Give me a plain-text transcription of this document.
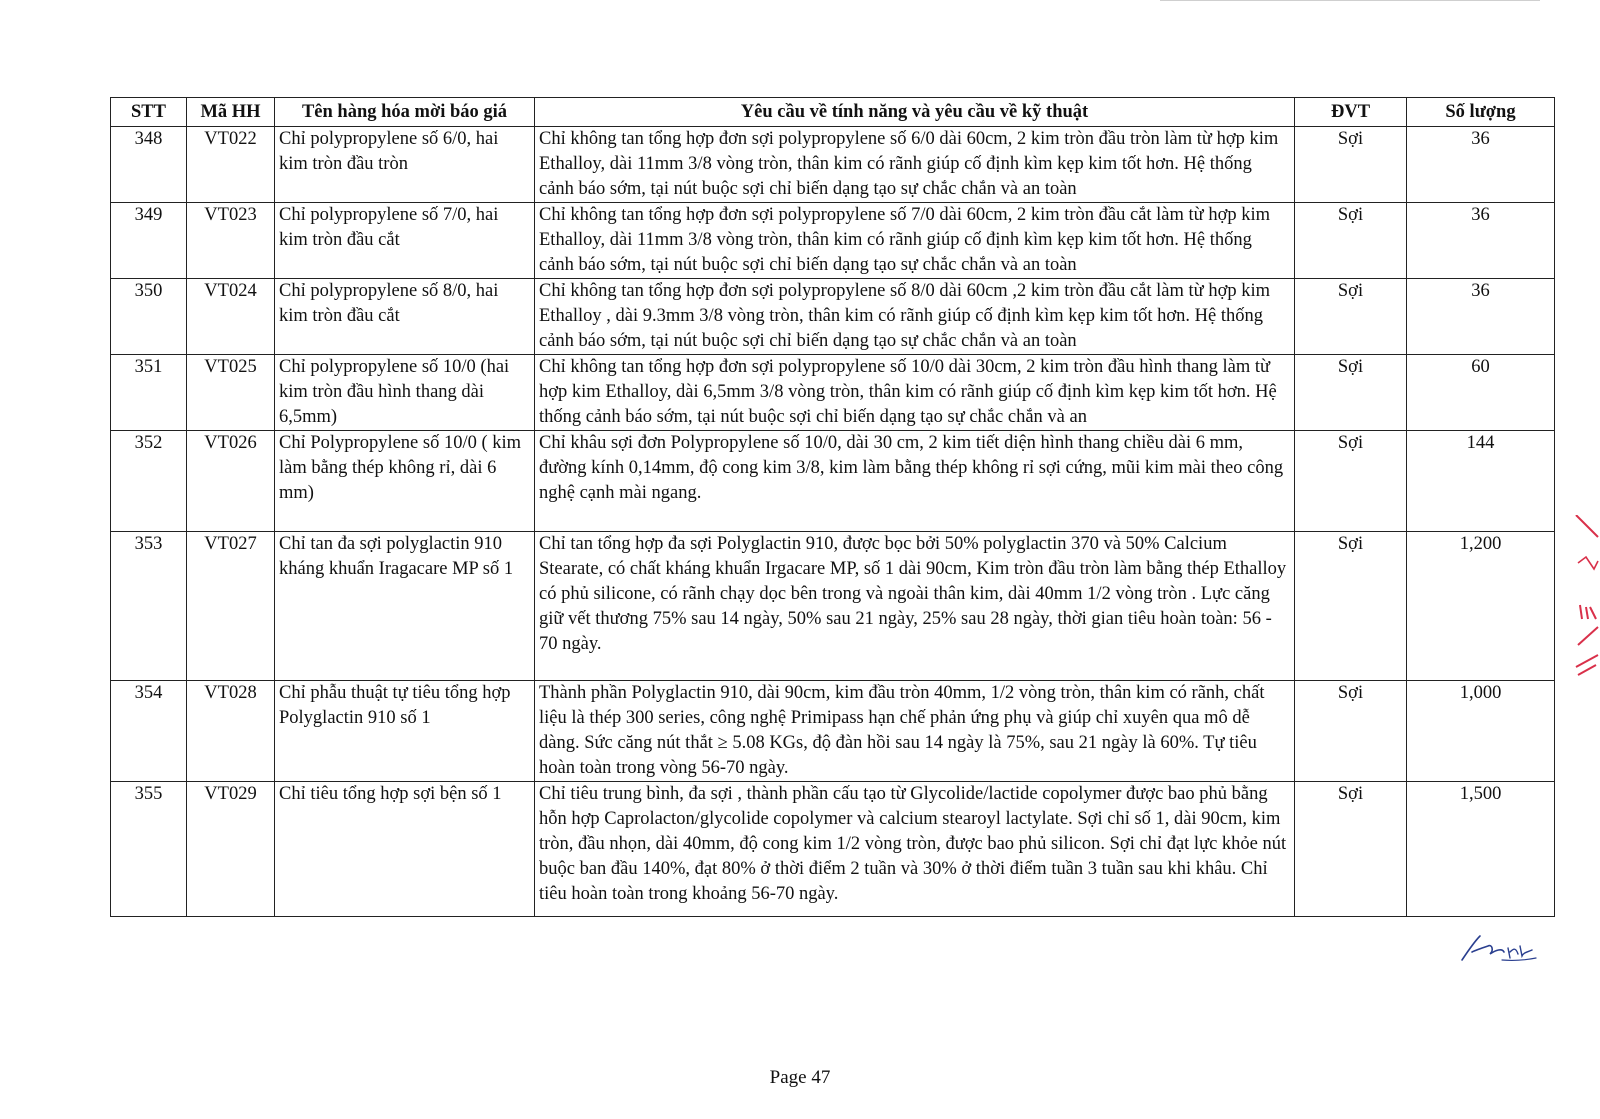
STT	Mã HH	Tên hàng hóa mời báo giá	Yêu cầu về tính năng và yêu cầu về kỹ thuật	ĐVT	Số lượng
348	VT022	Chỉ polypropylene số 6/0, hai kim tròn đầu tròn	Chỉ không tan tổng hợp đơn sợi polypropylene số 6/0 dài 60cm, 2 kim tròn đầu tròn làm từ hợp kim Ethalloy, dài 11mm 3/8 vòng tròn, thân kim có rãnh giúp cố định kìm kẹp kim tốt hơn. Hệ thống cảnh báo sớm, tại nút buộc sợi chỉ biến dạng tạo sự chắc chắn và an toàn	Sợi	36
349	VT023	Chỉ polypropylene số 7/0, hai kim tròn đầu cắt	Chỉ không tan tổng hợp đơn sợi polypropylene số 7/0 dài 60cm, 2 kim tròn đầu cắt làm từ hợp kim Ethalloy, dài 11mm 3/8 vòng tròn, thân kim có rãnh giúp cố định kìm kẹp kim tốt hơn. Hệ thống cảnh báo sớm, tại nút buộc sợi chỉ biến dạng tạo sự chắc chắn và an toàn	Sợi	36
350	VT024	Chỉ polypropylene số 8/0, hai kim tròn đầu cắt	Chỉ không tan tổng hợp đơn sợi polypropylene số 8/0 dài 60cm ,2 kim tròn đầu cắt làm từ hợp kim Ethalloy , dài 9.3mm 3/8 vòng tròn, thân kim có rãnh giúp cố định kìm kẹp kim tốt hơn. Hệ thống cảnh báo sớm, tại nút buộc sợi chỉ biến dạng tạo sự chắc chắn và an toàn	Sợi	36
351	VT025	Chỉ polypropylene số 10/0 (hai kim tròn đầu hình thang dài 6,5mm)	Chỉ không tan tổng hợp đơn sợi polypropylene số 10/0 dài 30cm, 2 kim tròn đầu hình thang làm từ hợp kim Ethalloy, dài 6,5mm 3/8 vòng tròn, thân kim có rãnh giúp cố định kìm kẹp kim tốt hơn. Hệ thống cảnh báo sớm, tại nút buộc sợi chỉ biến dạng tạo sự chắc chắn và an	Sợi	60
352	VT026	Chỉ Polypropylene số 10/0 ( kim làm bằng thép không rỉ, dài 6 mm)	Chỉ khâu sợi đơn Polypropylene số 10/0, dài 30 cm, 2 kim tiết diện hình thang chiều dài 6 mm, đường kính 0,14mm, độ cong kim 3/8, kim làm bằng thép không rỉ sợi cứng, mũi kim mài theo công nghệ cạnh mài ngang.	Sợi	144
353	VT027	Chỉ tan đa sợi polyglactin 910 kháng khuẩn Iragacare MP số 1	Chỉ tan tổng hợp đa sợi Polyglactin 910, được bọc bởi 50% polyglactin 370 và 50% Calcium Stearate, có chất kháng khuẩn Irgacare MP, số 1 dài 90cm, Kim tròn đầu tròn làm bằng thép Ethalloy có phủ silicone, có rãnh chạy dọc bên trong và ngoài thân kim, dài 40mm 1/2 vòng tròn . Lực căng giữ vết thương 75% sau 14 ngày, 50% sau 21 ngày, 25% sau 28 ngày, thời gian tiêu hoàn toàn: 56 - 70 ngày.	Sợi	1,200
354	VT028	Chỉ phẫu thuật tự tiêu tổng hợp Polyglactin 910 số 1	Thành phần Polyglactin 910, dài 90cm, kim đầu tròn 40mm, 1/2 vòng tròn, thân kim có rãnh, chất liệu là thép 300 series, công nghệ Primipass hạn chế phản ứng phụ và giúp chỉ xuyên qua mô dễ dàng. Sức căng nút thắt ≥ 5.08 KGs, độ đàn hồi sau 14 ngày là 75%, sau 21 ngày là 60%. Tự tiêu hoàn toàn trong vòng 56-70 ngày.	Sợi	1,000
355	VT029	Chỉ tiêu tổng hợp sợi bện số 1	Chỉ tiêu trung bình, đa sợi , thành phần cấu tạo từ Glycolide/lactide copolymer được bao phủ bằng hỗn hợp Caprolacton/glycolide copolymer và calcium stearoyl lactylate. Sợi chỉ số 1, dài 90cm, kim tròn, đầu nhọn, dài 40mm, độ cong kim 1/2 vòng tròn, được bao phủ silicon. Sợi chỉ đạt lực khỏe nút buộc ban đầu 140%, đạt 80% ở thời điểm 2 tuần và 30% ở thời điểm tuần 3 tuần sau khi khâu. Chỉ tiêu hoàn toàn trong khoảng 56-70 ngày.	Sợi	1,500
Page 47
